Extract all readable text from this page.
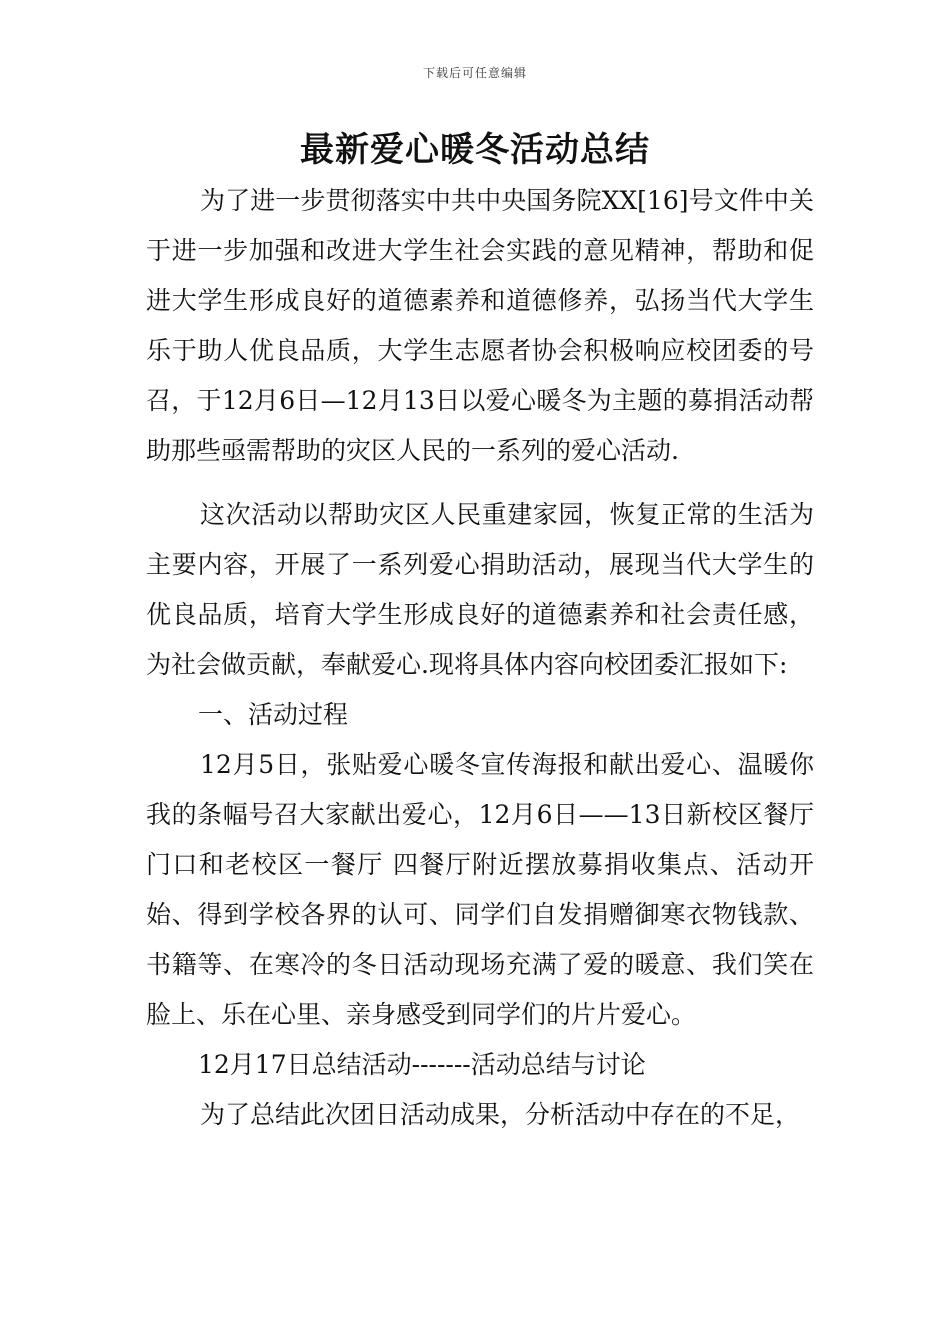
下载后可任意编辑
最新爱心暖冬活动总结

为了进一步贯彻落实中共中央国务院XX[16]号文件中关于进一步加强和改进大学生社会实践的意见精神，帮助和促进大学生形成良好的道德素养和道德修养，弘扬当代大学生乐于助人优良品质，大学生志愿者协会积极响应校团委的号召，于12月6日—12月13日以爱心暖冬为主题的募捐活动帮助那些亟需帮助的灾区人民的一系列的爱心活动.

这次活动以帮助灾区人民重建家园，恢复正常的生活为主要内容，开展了一系列爱心捐助活动，展现当代大学生的优良品质，培育大学生形成良好的道德素养和社会责任感，为社会做贡献，奉献爱心.现将具体内容向校团委汇报如下:

一、活动过程

12月5日，张贴爱心暖冬宣传海报和献出爱心、温暖你我的条幅号召大家献出爱心，12月6日——13日新校区餐厅门口和老校区一餐厅 四餐厅附近摆放募捐收集点、活动开始、得到学校各界的认可、同学们自发捐赠御寒衣物钱款、书籍等、在寒冷的冬日活动现场充满了爱的暖意、我们笑在脸上、乐在心里、亲身感受到同学们的片片爱心。

12月17日总结活动-------活动总结与讨论

为了总结此次团日活动成果，分析活动中存在的不足，
